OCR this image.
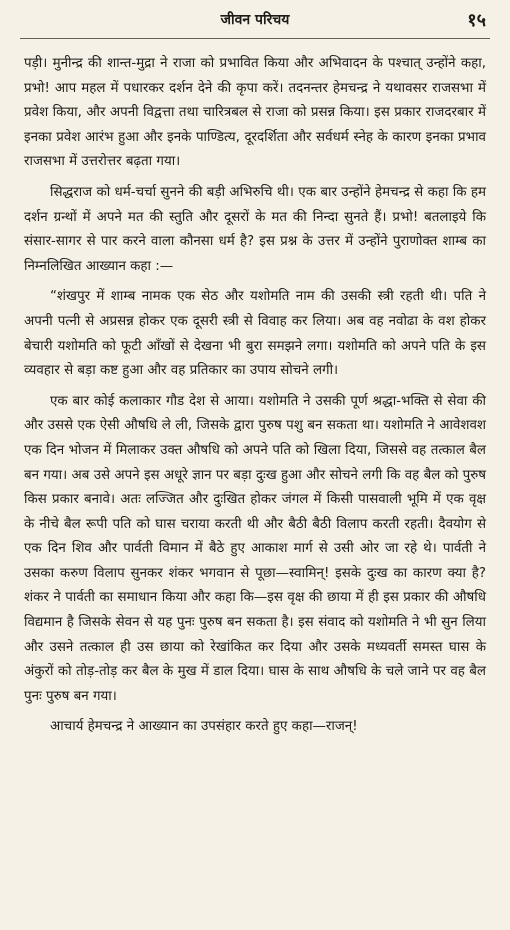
जीवन परिचय	१५

पड़ी। मुनीन्द्र की शान्त-मुद्रा ने राजा को प्रभावित किया और अभिवादन के पश्चात् उन्होंने कहा, प्रभो! आप महल में पधारकर दर्शन देने की कृपा करें। तदनन्तर हेमचन्द्र ने यथावसर राजसभा में प्रवेश किया, और अपनी विद्वत्ता तथा चारित्रबल से राजा को प्रसन्न किया। इस प्रकार राजदरबार में इनका प्रवेश आरंभ हुआ और इनके पाण्डित्य, दूरदर्शिता और सर्वधर्म स्नेह के कारण इनका प्रभाव राजसभा में उत्तरोत्तर बढ़ता गया।

सिद्धराज को धर्म-चर्चा सुनने की बड़ी अभिरुचि थी। एक बार उन्होंने हेमचन्द्र से कहा कि हम दर्शन ग्रन्थों में अपने मत की स्तुति और दूसरों के मत की निन्दा सुनते हैं। प्रभो! बतलाइये कि संसार-सागर से पार करने वाला कौनसा धर्म है? इस प्रश्न के उत्तर में उन्होंने पुराणोक्त शाम्ब का निम्नलिखित आख्यान कहा :—

“शंखपुर में शाम्ब नामक एक सेठ और यशोमति नाम की उसकी स्त्री रहती थी। पति ने अपनी पत्नी से अप्रसन्न होकर एक दूसरी स्त्री से विवाह कर लिया। अब वह नवोढा के वश होकर बेचारी यशोमति को फूटी आँखों से देखना भी बुरा समझने लगा। यशोमति को अपने पति के इस व्यवहार से बड़ा कष्ट हुआ और वह प्रतिकार का उपाय सोचने लगी।

एक बार कोई कलाकार गौड देश से आया। यशोमति ने उसकी पूर्ण श्रद्धा-भक्ति से सेवा की और उससे एक ऐसी औषधि ले ली, जिसके द्वारा पुरुष पशु बन सकता था। यशोमति ने आवेशवश एक दिन भोजन में मिलाकर उक्त औषधि को अपने पति को खिला दिया, जिससे वह तत्काल बैल बन गया। अब उसे अपने इस अधूरे ज्ञान पर बड़ा दुःख हुआ और सोचने लगी कि वह बैल को पुरुष किस प्रकार बनावे। अतः लज्जित और दुःखित होकर जंगल में किसी पासवाली भूमि में एक वृक्ष के नीचे बैल रूपी पति को घास चराया करती थी और बैठी बैठी विलाप करती रहती। दैवयोग से एक दिन शिव और पार्वती विमान में बैठे हुए आकाश मार्ग से उसी ओर जा रहे थे। पार्वती ने उसका करुण विलाप सुनकर शंकर भगवान से पूछा—स्वामिन्! इसके दुःख का कारण क्या है? शंकर ने पार्वती का समाधान किया और कहा कि—इस वृक्ष की छाया में ही इस प्रकार की औषधि विद्यमान है जिसके सेवन से यह पुनः पुरुष बन सकता है। इस संवाद को यशोमति ने भी सुन लिया और उसने तत्काल ही उस छाया को रेखांकित कर दिया और उसके मध्यवर्ती समस्त घास के अंकुरों को तोड़-तोड़ कर बैल के मुख में डाल दिया। घास के साथ औषधि के चले जाने पर वह बैल पुनः पुरुष बन गया।

आचार्य हेमचन्द्र ने आख्यान का उपसंहार करते हुए कहा—राजन्!
